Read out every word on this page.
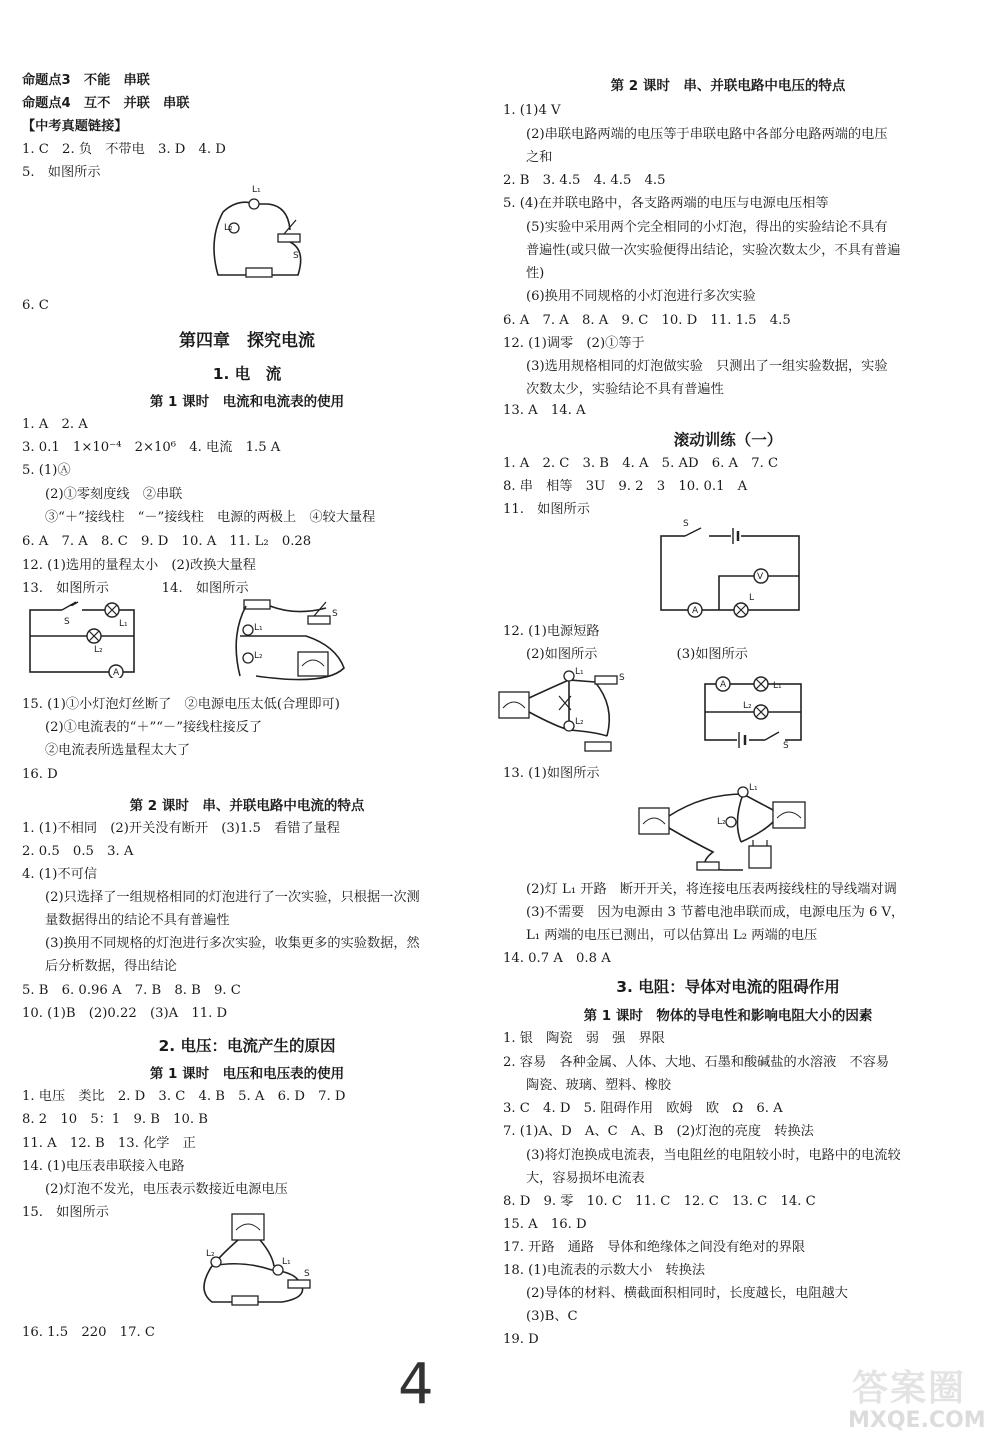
命题点3　不能　串联
命题点4　互不　并联　串联
【中考真题链接】
1. C　2. 负　不带电　3. D　4. D
5.　如图所示
L₁
L₂
S
6. C
第四章　探究电流
1. 电　流
第 1 课时　电流和电流表的使用
1. A　2. A
3. 0.1　1×10⁻⁴　2×10⁶　4. 电流　1.5 A
5. (1)Ⓐ
(2)①零刻度线　②串联
③“＋”接线柱　“－”接线柱　电源的两极上　④较大量程
6. A　7. A　8. C　9. D　10. A　11. L₂　0.28
12. (1)选用的量程太小　(2)改换大量程
13.　如图所示　　　　14.　如图所示
A
S	L₁
L₂
L₁
L₂
S
15. (1)①小灯泡灯丝断了　②电源电压太低(合理即可)
(2)①电流表的“＋”“－”接线柱接反了
②电流表所选量程太大了
16. D
第 2 课时　串、并联电路中电流的特点
1. (1)不相同　(2)开关没有断开　(3)1.5　看错了量程
2. 0.5　0.5　3. A
4. (1)不可信
(2)只选择了一组规格相同的灯泡进行了一次实验，只根据一次测
量数据得出的结论不具有普遍性
(3)换用不同规格的灯泡进行多次实验，收集更多的实验数据，然
后分析数据，得出结论
5. B　6. 0.96 A　7. B　8. B　9. C
10. (1)B　(2)0.22　(3)A　11. D
2. 电压：电流产生的原因
第 1 课时　电压和电压表的使用
1. 电压　类比　2. D　3. C　4. B　5. A　6. D　7. D
8. 2　10　5：1　9. B　10. B
11. A　12. B　13. 化学　正
14. (1)电压表串联接入电路
(2)灯泡不发光，电压表示数接近电源电压
15.　如图所示
L₂
L₁
S
16. 1.5　220　17. C
第 2 课时　串、并联电路中电压的特点
1. (1)4 V
(2)串联电路两端的电压等于串联电路中各部分电路两端的电压
之和
2. B　3. 4.5　4. 4.5　4.5
5. (4)在并联电路中，各支路两端的电压与电源电压相等
(5)实验中采用两个完全相同的小灯泡，得出的实验结论不具有
普遍性(或只做一次实验便得出结论，实验次数太少，不具有普遍
性)
(6)换用不同规格的小灯泡进行多次实验
6. A　7. A　8. A　9. C　10. D　11. 1.5　4.5
12. (1)调零　(2)①等于
(3)选用规格相同的灯泡做实验　只测出了一组实验数据，实验
次数太少，实验结论不具有普遍性
13. A　14. A
滚动训练（一）
1. A　2. C　3. B　4. A　5. AD　6. A　7. C
8. 串　相等　3U　9. 2　3　10. 0.1　A
11.　如图所示
S
V
A
L
12. (1)电源短路
(2)如图所示　　　　　　(3)如图所示
L₁
L₂
S
A	L₁
L₂
S
13. (1)如图所示
L₁
L₂
(2)灯 L₁ 开路　断开开关，将连接电压表两接线柱的导线端对调
(3)不需要　因为电源由 3 节蓄电池串联而成，电源电压为 6 V，
L₁ 两端的电压已测出，可以估算出 L₂ 两端的电压
14. 0.7 A　0.8 A
3. 电阻：导体对电流的阻碍作用
第 1 课时　物体的导电性和影响电阻大小的因素
1. 银　陶瓷　弱　强　界限
2. 容易　各种金属、人体、大地、石墨和酸碱盐的水溶液　不容易
陶瓷、玻璃、塑料、橡胶
3. C　4. D　5. 阻碍作用　欧姆　欧　Ω　6. A
7. (1)A、D　A、C　A、B　(2)灯泡的亮度　转换法
(3)将灯泡换成电流表，当电阻丝的电阻较小时，电路中的电流较
大，容易损坏电流表
8. D　9. 零　10. C　11. C　12. C　13. C　14. C
15. A　16. D
17. 开路　通路　导体和绝缘体之间没有绝对的界限
18. (1)电流表的示数大小　转换法
(2)导体的材料、横截面积相同时，长度越长，电阻越大
(3)B、C
19. D
4	答案圈
MXQE.COM
